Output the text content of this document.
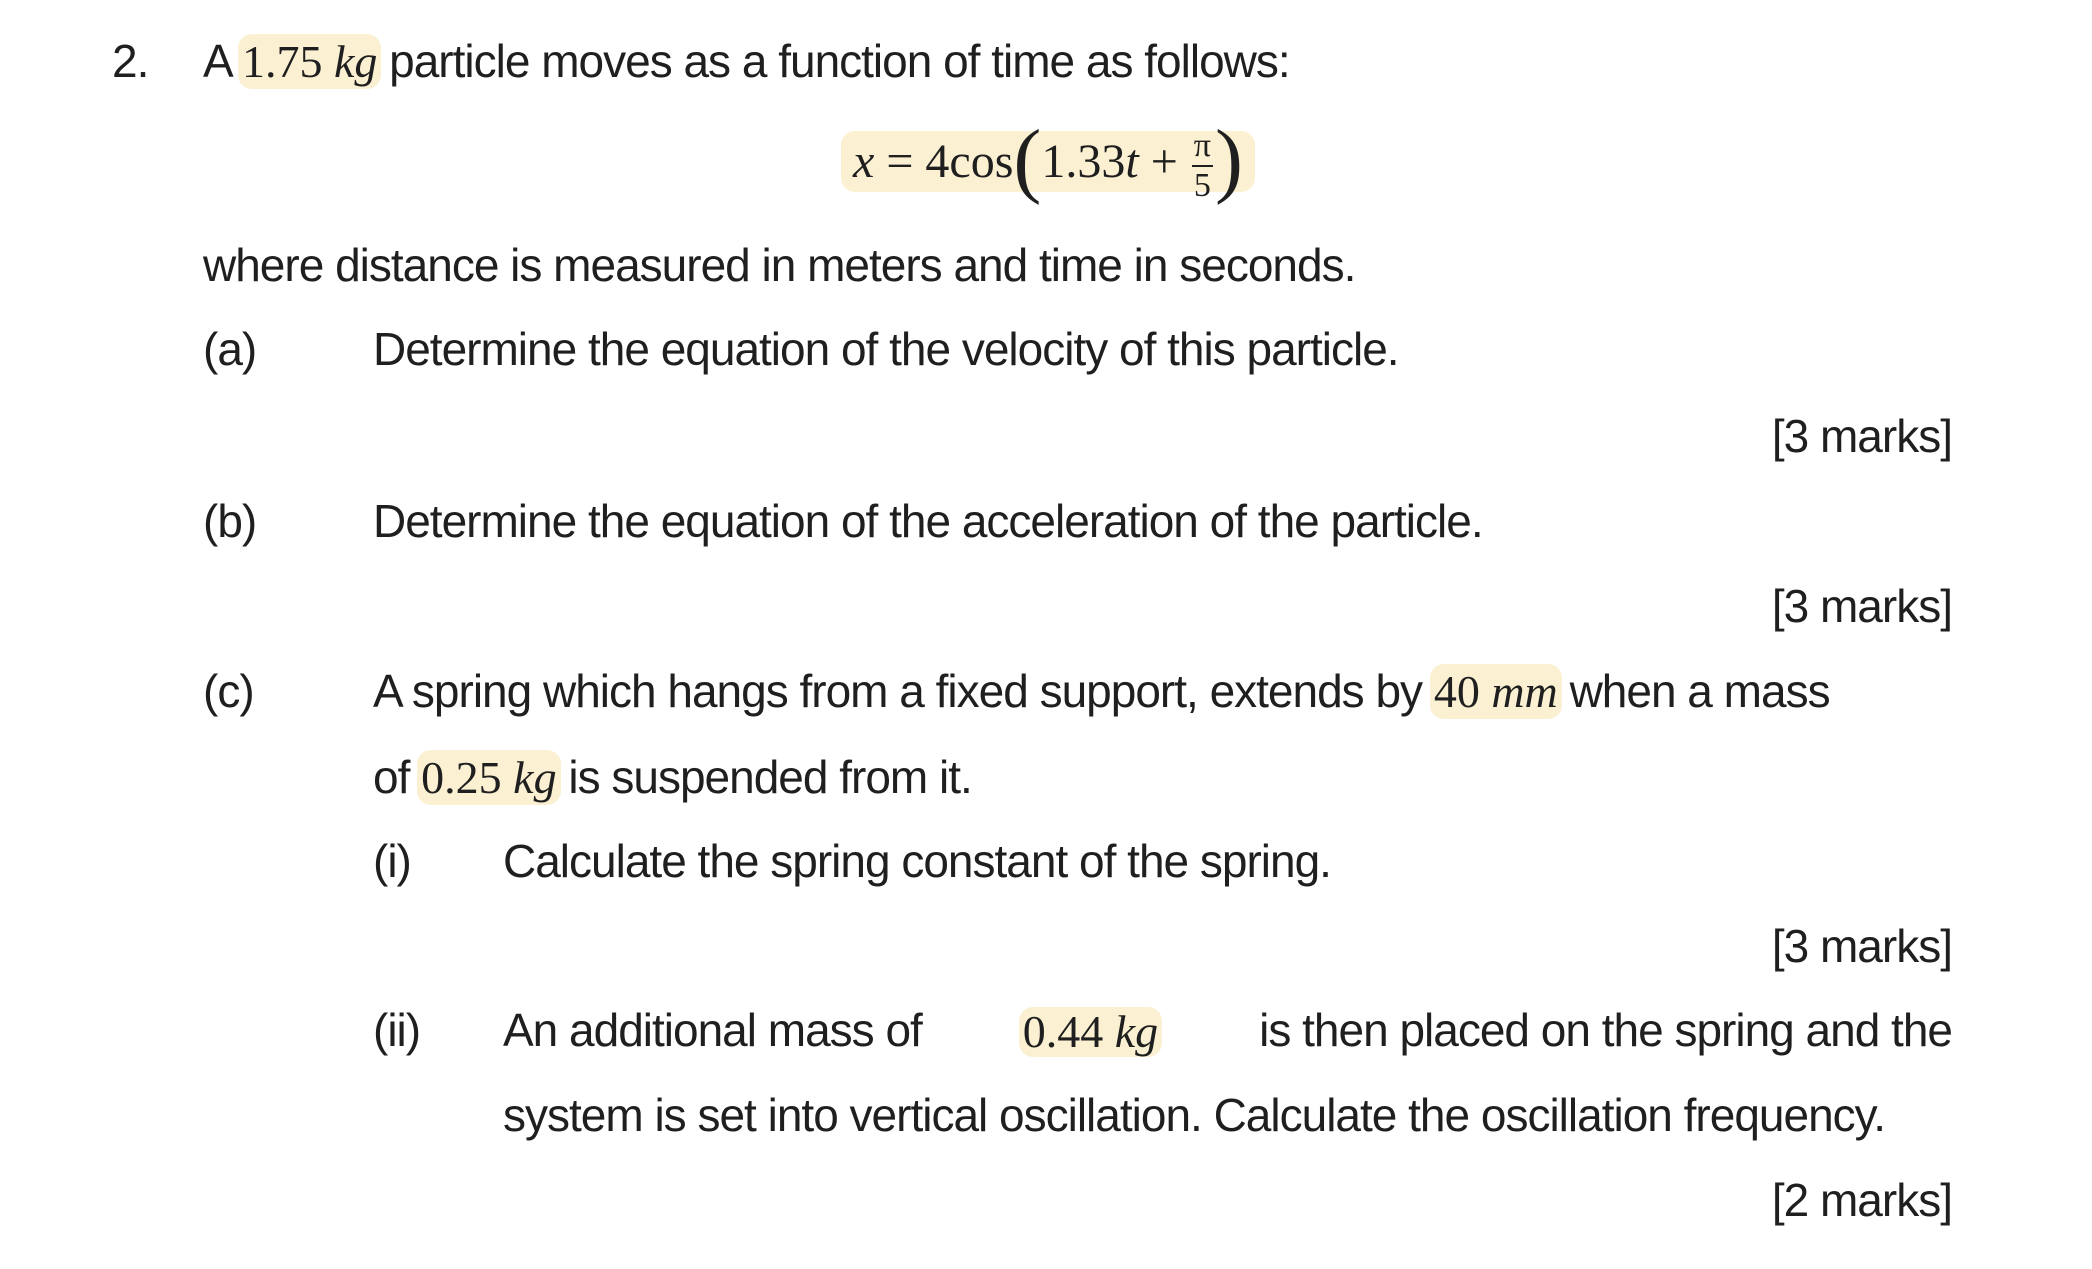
2. A 1.75 kg particle moves as a function of time as follows:
$x = 4\cos(1.33t + \frac{\pi}{5}$ )
where distance is measured in meters and time in seconds.
(a)	Determine the equation of the velocity of this particle.
[3 marks]
(b)	Determine the equation of the acceleration of the particle.
[3 marks]
(c)	A spring which hangs from a fixed support, extends by 40 mm when a mass
of 0.25 kg is suspended from it.
(i) Calculate the spring constant of the spring.
[3 marks]
(ii) An additional mass of 0.44 kg is then placed on the spring and the
system is set into vertical oscillation. Calculate the oscillation frequency.
[2 marks]
